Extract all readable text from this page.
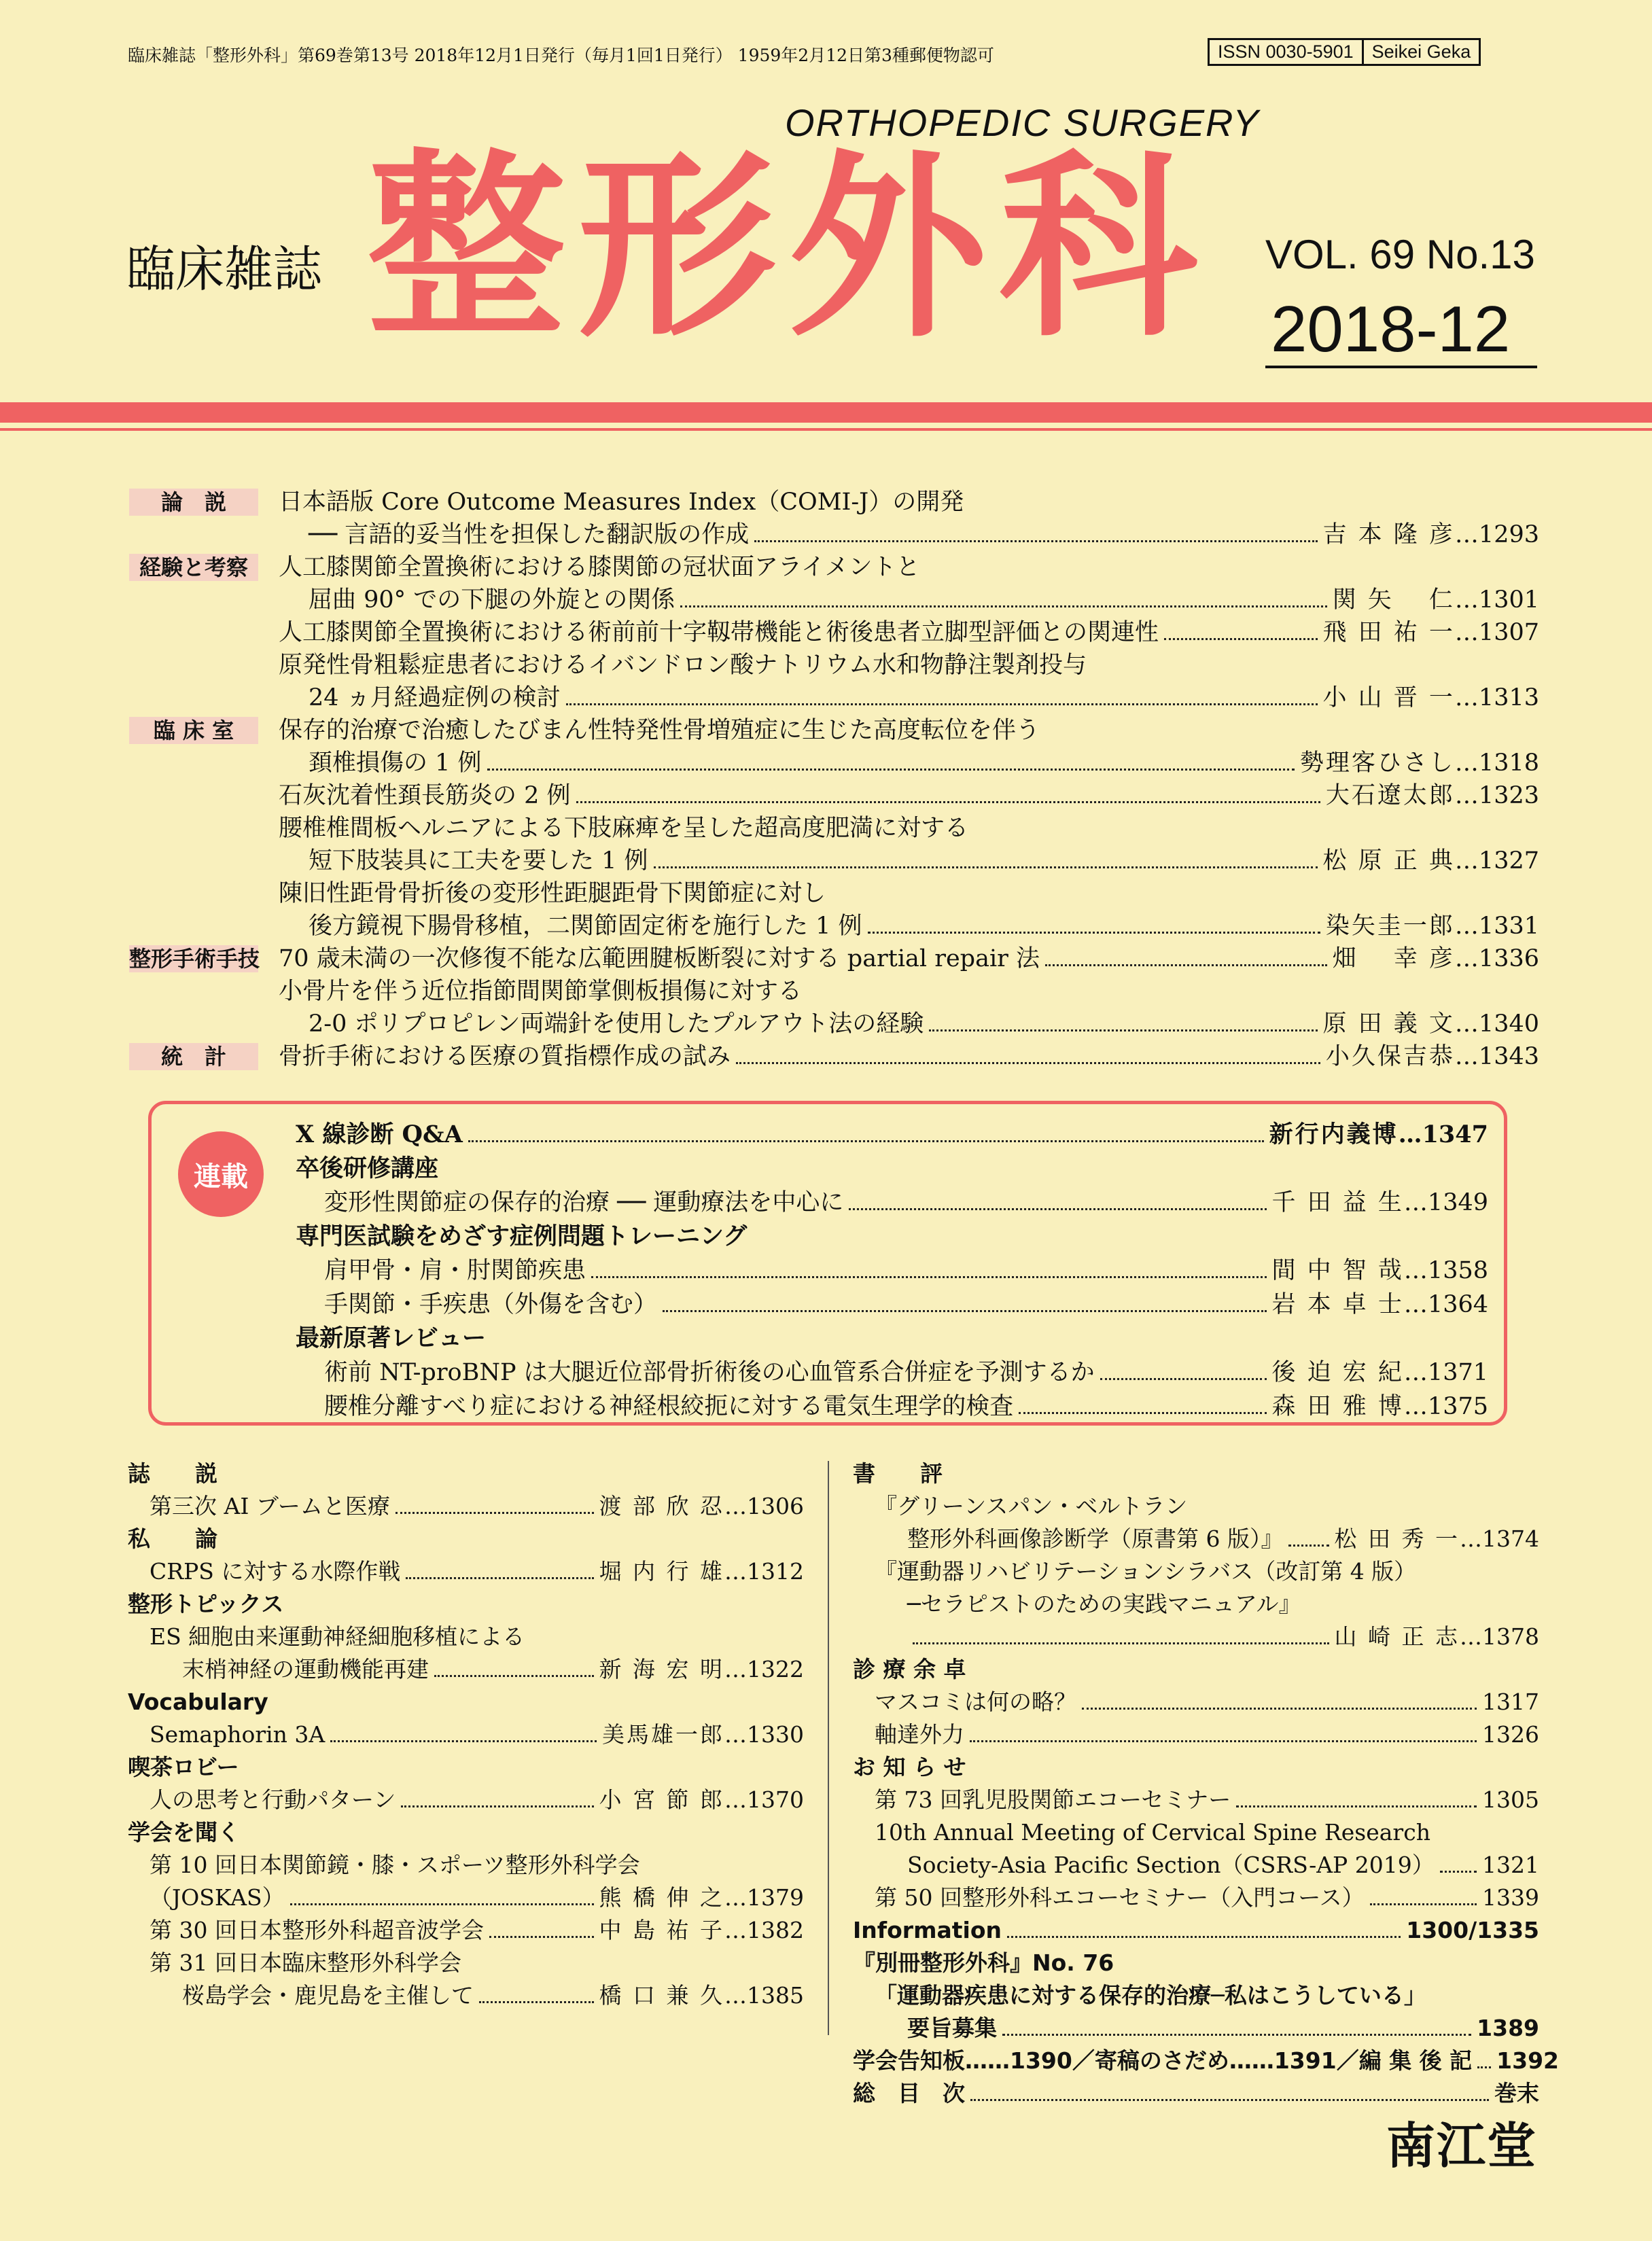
臨床雑誌「整形外科」第69巻第13号 2018年12月1日発行（毎月1回1日発行） 1959年2月12日第3種郵便物認可	ISSN 0030-5901	Seikei Geka
ORTHOPEDIC SURGERY
臨床雑誌 整形外科 VOL. 69 No.13
2018-12
論　説	日本語版 Core Outcome Measures Index（COMI-J）の開発
── 言語的妥当性を担保した翻訳版の作成	吉 本 隆 彦 … 1293
経験と考察	人工膝関節全置換術における膝関節の冠状面アライメントと
屈曲 90° での下腿の外旋との関係	関 矢 　仁 … 1301
人工膝関節全置換術における術前前十字靱帯機能と術後患者立脚型評価との関連性	飛 田 祐 一 … 1307
原発性骨粗鬆症患者におけるイバンドロン酸ナトリウム水和物静注製剤投与
24 ヵ月経過症例の検討	小 山 晋 一 … 1313
臨 床 室	保存的治療で治癒したびまん性特発性骨増殖症に生じた高度転位を伴う
頚椎損傷の 1 例	勢理客ひさし … 1318
石灰沈着性頚長筋炎の 2 例	大石遼太郎 … 1323
腰椎椎間板ヘルニアによる下肢麻痺を呈した超高度肥満に対する
短下肢装具に工夫を要した 1 例	松 原 正 典 … 1327
陳旧性距骨骨折後の変形性距腿距骨下関節症に対し
後方鏡視下腸骨移植，二関節固定術を施行した 1 例	染矢圭一郎 … 1331
整形手術手技 70 歳未満の一次修復不能な広範囲腱板断裂に対する partial repair 法	畑 　幸 彦 … 1336
小骨片を伴う近位指節間関節掌側板損傷に対する
2-0 ポリプロピレン両端針を使用したプルアウト法の経験	原 田 義 文 … 1340
統　計	骨折手術における医療の質指標作成の試み	小久保吉恭 … 1343
連載
X 線診断 Q&A	新行内義博 … 1347
卒後研修講座
変形性関節症の保存的治療 ── 運動療法を中心に	千 田 益 生 … 1349
専門医試験をめざす症例問題トレーニング
肩甲骨・肩・肘関節疾患	間 中 智 哉 … 1358
手関節・手疾患（外傷を含む）	岩 本 卓 士 … 1364
最新原著レビュー
術前 NT-proBNP は大腿近位部骨折術後の心血管系合併症を予測するか	後 迫 宏 紀 … 1371
腰椎分離すべり症における神経根絞扼に対する電気生理学的検査	森 田 雅 博 … 1375
誌　　説
第三次 AI ブームと医療	渡 部 欣 忍 … 1306
私　　論
CRPS に対する水際作戦	堀 内 行 雄 … 1312
整形トピックス
ES 細胞由来運動神経細胞移植による
末梢神経の運動機能再建	新 海 宏 明 … 1322
Vocabulary
Semaphorin 3A	美馬雄一郎 … 1330
喫茶ロビー
人の思考と行動パターン	小 宮 節 郎 … 1370
学会を聞く
第 10 回日本関節鏡・膝・スポーツ整形外科学会
（JOSKAS）	熊 橋 伸 之 … 1379
第 30 回日本整形外科超音波学会	中 島 祐 子 … 1382
第 31 回日本臨床整形外科学会
桜島学会・鹿児島を主催して	橋 口 兼 久 … 1385
書　　評
『グリーンスパン・ベルトラン
整形外科画像診断学（原書第 6 版）』 松 田 秀 一 … 1374
『運動器リハビリテーションシラバス（改訂第 4 版）
─セラピストのための実践マニュアル』
山 崎 正 志 … 1378
診 療 余 卓
マスコミは何の略？	1317
軸達外力	1326
お 知 ら せ
第 73 回乳児股関節エコーセミナー	1305
10th Annual Meeting of Cervical Spine Research
Society-Asia Pacific Section（CSRS-AP 2019） 1321
第 50 回整形外科エコーセミナー（入門コース）	1339
Information	1300/1335
『別冊整形外科』No. 76
「運動器疾患に対する保存的治療─私はこうしている」
要旨募集	1389
学会告知板……1390／寄稿のさだめ……1391／編 集 後 記 1392
総　目　次	巻末
南江堂
